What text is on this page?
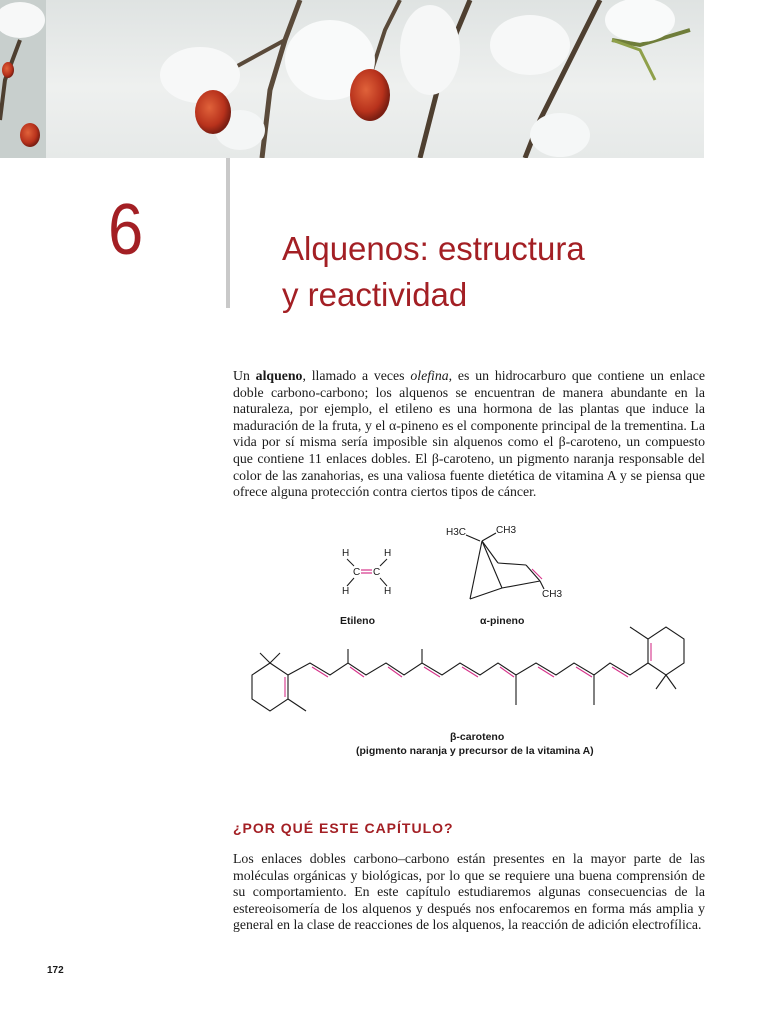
6	Alquenos: estructura
y reactividad
Un alqueno, llamado a veces olefina, es un hidrocarburo que contiene un enlace doble carbono-carbono; los alquenos se encuentran de manera abundante en la naturaleza, por ejemplo, el etileno es una hormona de las plantas que induce la maduración de la fruta, y el α-pineno es el componente principal de la trementina. La vida por sí misma sería imposible sin alquenos como el β-caroteno, un compuesto que contiene 11 enlaces dobles. El β-caroteno, un pigmento naranja responsable del color de las zanahorias, es una valiosa fuente dietética de vitamina A y se piensa que ofrece alguna protección contra ciertos tipos de cáncer.
H	H
H	H
C C
H3C	CH3
CH3
Etileno	α-pineno
β-caroteno
(pigmento naranja y precursor de la vitamina A)
¿POR QUÉ ESTE CAPÍTULO?
Los enlaces dobles carbono–carbono están presentes en la mayor parte de las moléculas orgánicas y biológicas, por lo que se requiere una buena comprensión de su comportamiento. En este capítulo estudiaremos algunas consecuencias de la estereoisomería de los alquenos y después nos enfocaremos en forma más amplia y general en la clase de reacciones de los alquenos, la reacción de adición electrofílica.
172
